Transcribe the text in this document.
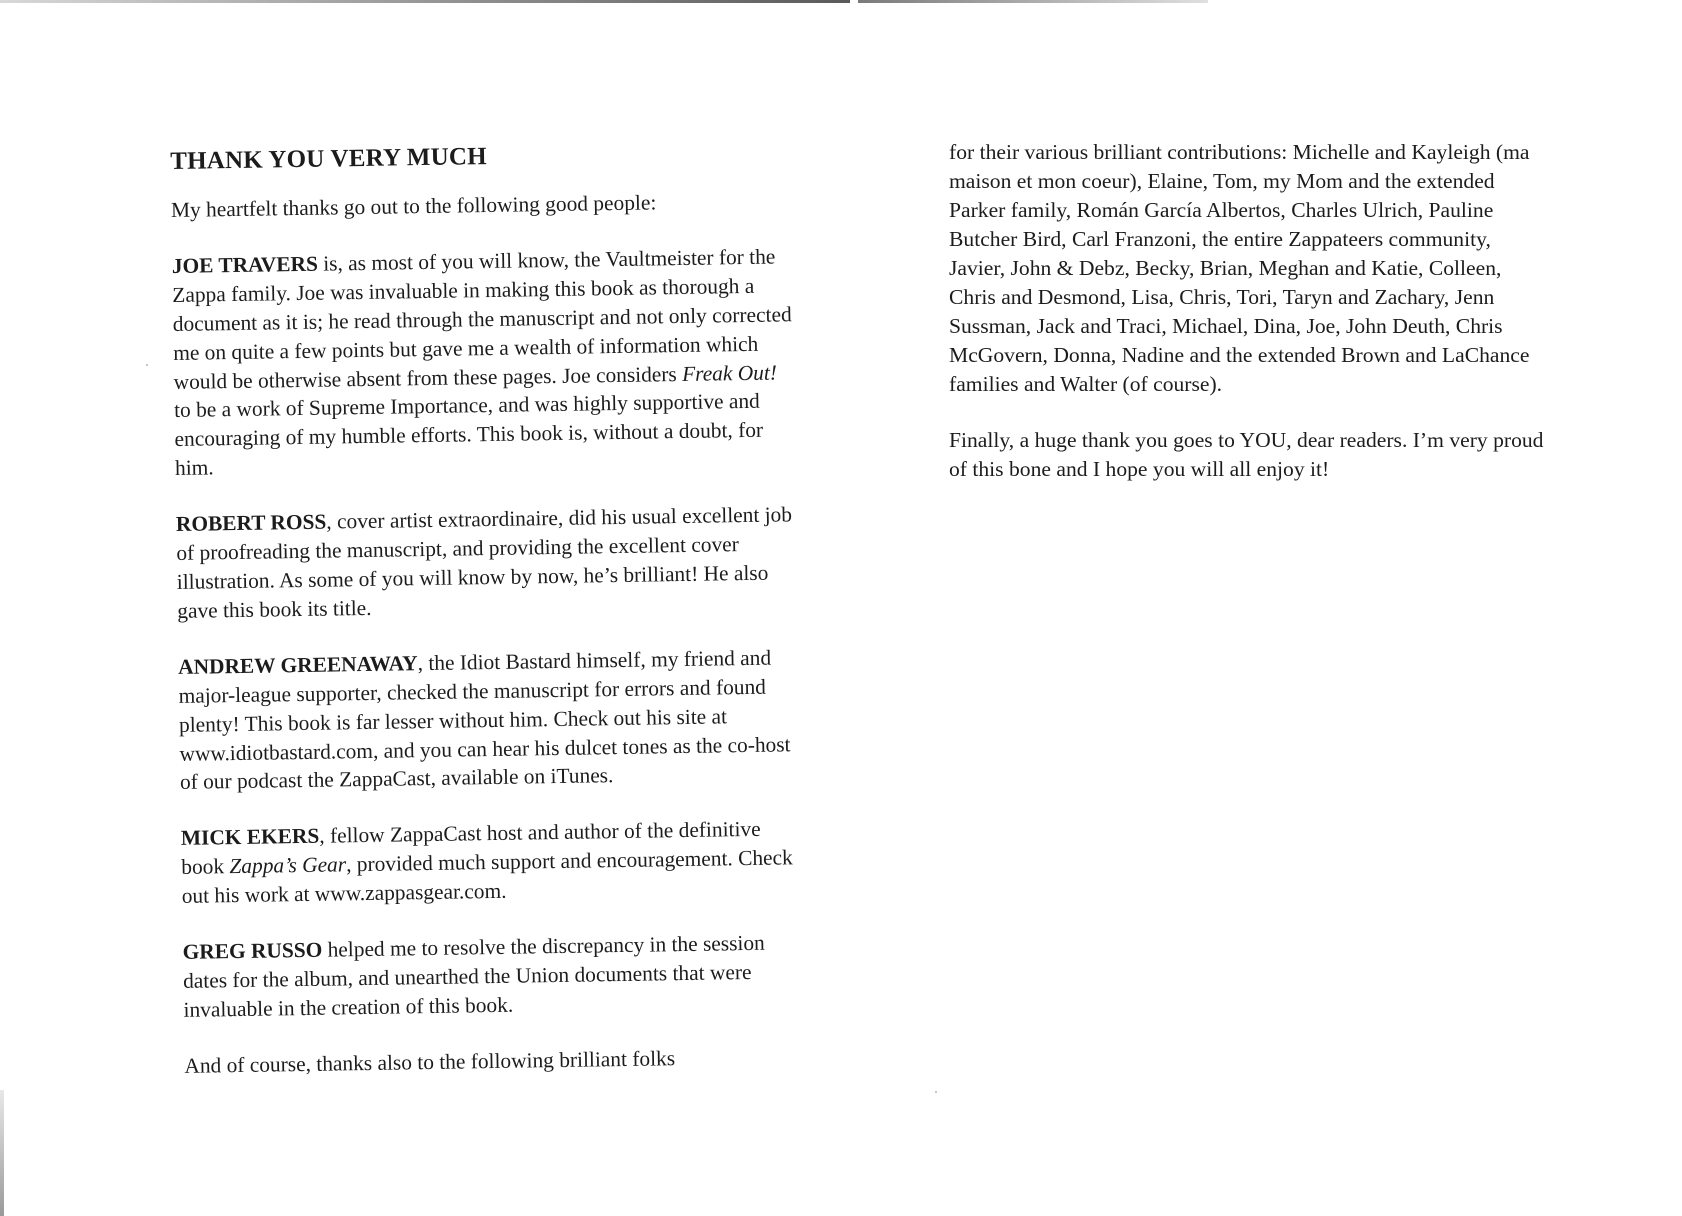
THANK YOU VERY MUCH

My heartfelt thanks go out to the following good people:

JOE TRAVERS is, as most of you will know, the Vaultmeister for the Zappa family. Joe was invaluable in making this book as thorough a document as it is; he read through the manuscript and not only corrected me on quite a few points but gave me a wealth of information which would be otherwise absent from these pages. Joe considers Freak Out! to be a work of Supreme Importance, and was highly supportive and encouraging of my humble efforts. This book is, without a doubt, for him.

ROBERT ROSS, cover artist extraordinaire, did his usual excellent job of proofreading the manuscript, and providing the excellent cover illustration. As some of you will know by now, he’s brilliant! He also gave this book its title.

ANDREW GREENAWAY, the Idiot Bastard himself, my friend and major-league supporter, checked the manuscript for errors and found plenty! This book is far lesser without him. Check out his site at www.idiotbastard.com, and you can hear his dulcet tones as the co-host of our podcast the ZappaCast, available on iTunes.

MICK EKERS, fellow ZappaCast host and author of the definitive book Zappa’s Gear, provided much support and encouragement. Check out his work at www.zappasgear.com.

GREG RUSSO helped me to resolve the discrepancy in the session dates for the album, and unearthed the Union documents that were invaluable in the creation of this book.

And of course, thanks also to the following brilliant folks

for their various brilliant contributions: Michelle and Kayleigh (ma maison et mon coeur), Elaine, Tom, my Mom and the extended Parker family, Román García Albertos, Charles Ulrich, Pauline Butcher Bird, Carl Franzoni, the entire Zappateers community, Javier, John & Debz, Becky, Brian, Meghan and Katie, Colleen, Chris and Desmond, Lisa, Chris, Tori, Taryn and Zachary, Jenn Sussman, Jack and Traci, Michael, Dina, Joe, John Deuth, Chris McGovern, Donna, Nadine and the extended Brown and LaChance families and Walter (of course).

Finally, a huge thank you goes to YOU, dear readers. I’m very proud of this bone and I hope you will all enjoy it!
